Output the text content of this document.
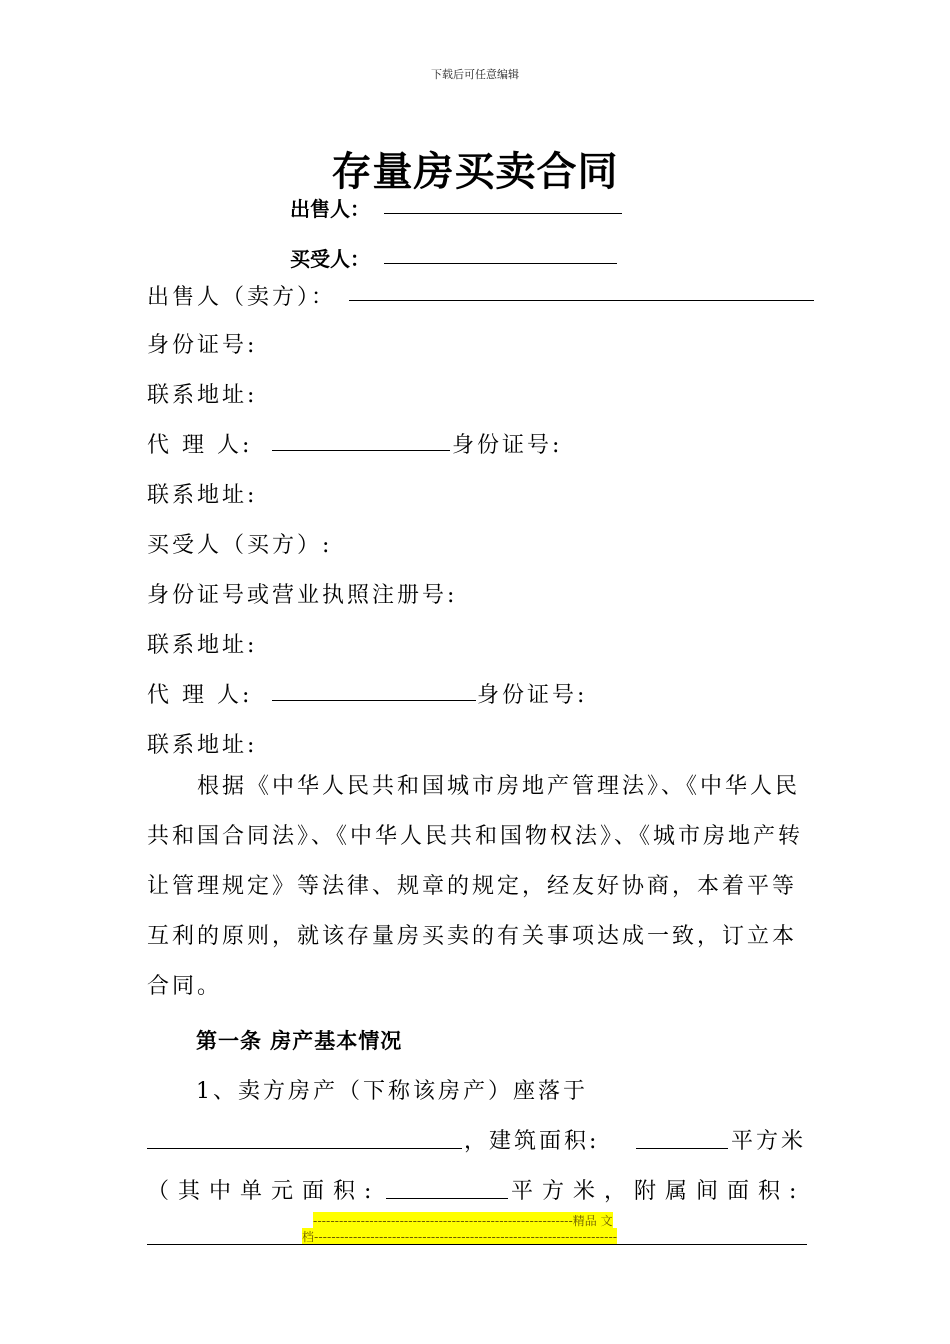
下载后可任意编辑
存量房买卖合同
出售人：
买受人：
出售人（卖方）：
身份证号:
联系地址:
代 理 人:	身份证号:
联系地址:
买受人（买方）:
身份证号或营业执照注册号:
联系地址:
代 理 人:	身份证号:
联系地址:
根据《中华人民共和国城市房地产管理法》、《中华人民共和国合同法》、《中华人民共和国物权法》、《城市房地产转让管理规定》等法律、规章的规定，经友好协商，本着平等互利的原则，就该存量房买卖的有关事项达成一致，订立本合同。
第一条 房产基本情况
1、卖方房产（下称该房产）座落于
，建筑面积:	平方米
（其中单元面积:	平方米，
附属间面积:
------------------------------------------------------------精品 文
档----------------------------------------------------------------------
